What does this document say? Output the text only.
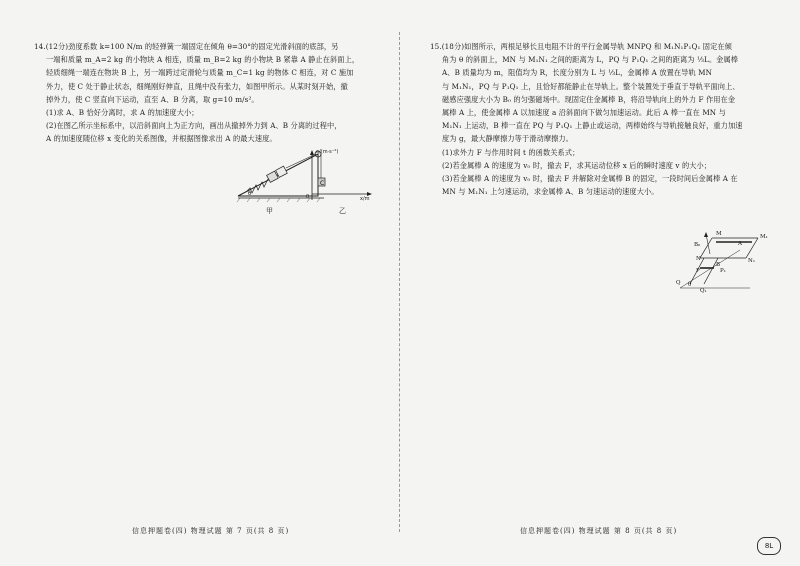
14.(12分)劲度系数 k=100 N/m 的轻弹簧一端固定在倾角 θ=30°的固定光滑斜面的底部，另

一端和质量 m_A=2 kg 的小物块 A 相连，质量 m_B=2 kg 的小物块 B 紧靠 A 静止在斜面上，

轻质细绳一端连在物块 B 上，另一端跨过定滑轮与质量 m_C=1 kg 的物体 C 相连，对 C 施加

外力，使 C 处于静止状态，细绳刚好伸直，且绳中没有张力，如图甲所示。从某时刻开始，撤

掉外力，使 C 竖直向下运动，直至 A、B 分离，取 g=10 m/s²。

(1)求 A、B 恰好分离时，求 A 的加速度大小；

(2)在图乙所示坐标系中，以沿斜面向上为正方向，画出从撤掉外力到 A、B 分离的过程中，

A 的加速度随位移 x 变化的关系图像，并根据图像求出 A 的最大速度。

C
θ
甲
a/(m·s⁻²)
0	x/m
乙
信息押题卷(四) 物理试题 第 7 页(共 8 页)

15.(18分)如图所示，两根足够长且电阻不计的平行金属导轨 MNPQ 和 M₁N₁P₁Q₁ 固定在倾

角为 θ 的斜面上，MN 与 M₁N₁ 之间的距离为 L，PQ 与 P₁Q₁ 之间的距离为 ⅓L。金属棒

A、B 质量均为 m，阻值均为 R，长度分别为 L 与 ⅓L，金属棒 A 放置在导轨 MN

与 M₁N₁，PQ 与 P₁Q₁ 上，且恰好都能静止在导轨上。整个装置处于垂直于导轨平面向上、

磁感应强度大小为 B₀ 的匀强磁场中。现固定住金属棒 B，将沿导轨向上的外力 F 作用在金

属棒 A 上，使金属棒 A 以加速度 a 沿斜面向下做匀加速运动。此后 A 棒一直在 MN 与

M₁N₁ 上运动，B 棒一直在 PQ 与 P₁Q₁ 上静止或运动，两棒始终与导轨接触良好，重力加速

度为 g，最大静摩擦力等于滑动摩擦力。

(1)求外力 F 与作用时间 t 的函数关系式；

(2)若金属棒 A 的速度为 v₀ 时，撤去 F，求其运动位移 x 后的瞬时速度 v 的大小；

(3)若金属棒 A 的速度为 v₀ 时，撤去 F 并解除对金属棒 B 的固定，一段时间后金属棒 A 在

MN 与 M₁N₁ 上匀速运动，求金属棒 A、B 匀速运动的速度大小。

M	M₁
B₀	A
N	N₁
P
B
P₁
Q
Q₁
θ
信息押题卷(四) 物理试题 第 8 页(共 8 页)
8L
